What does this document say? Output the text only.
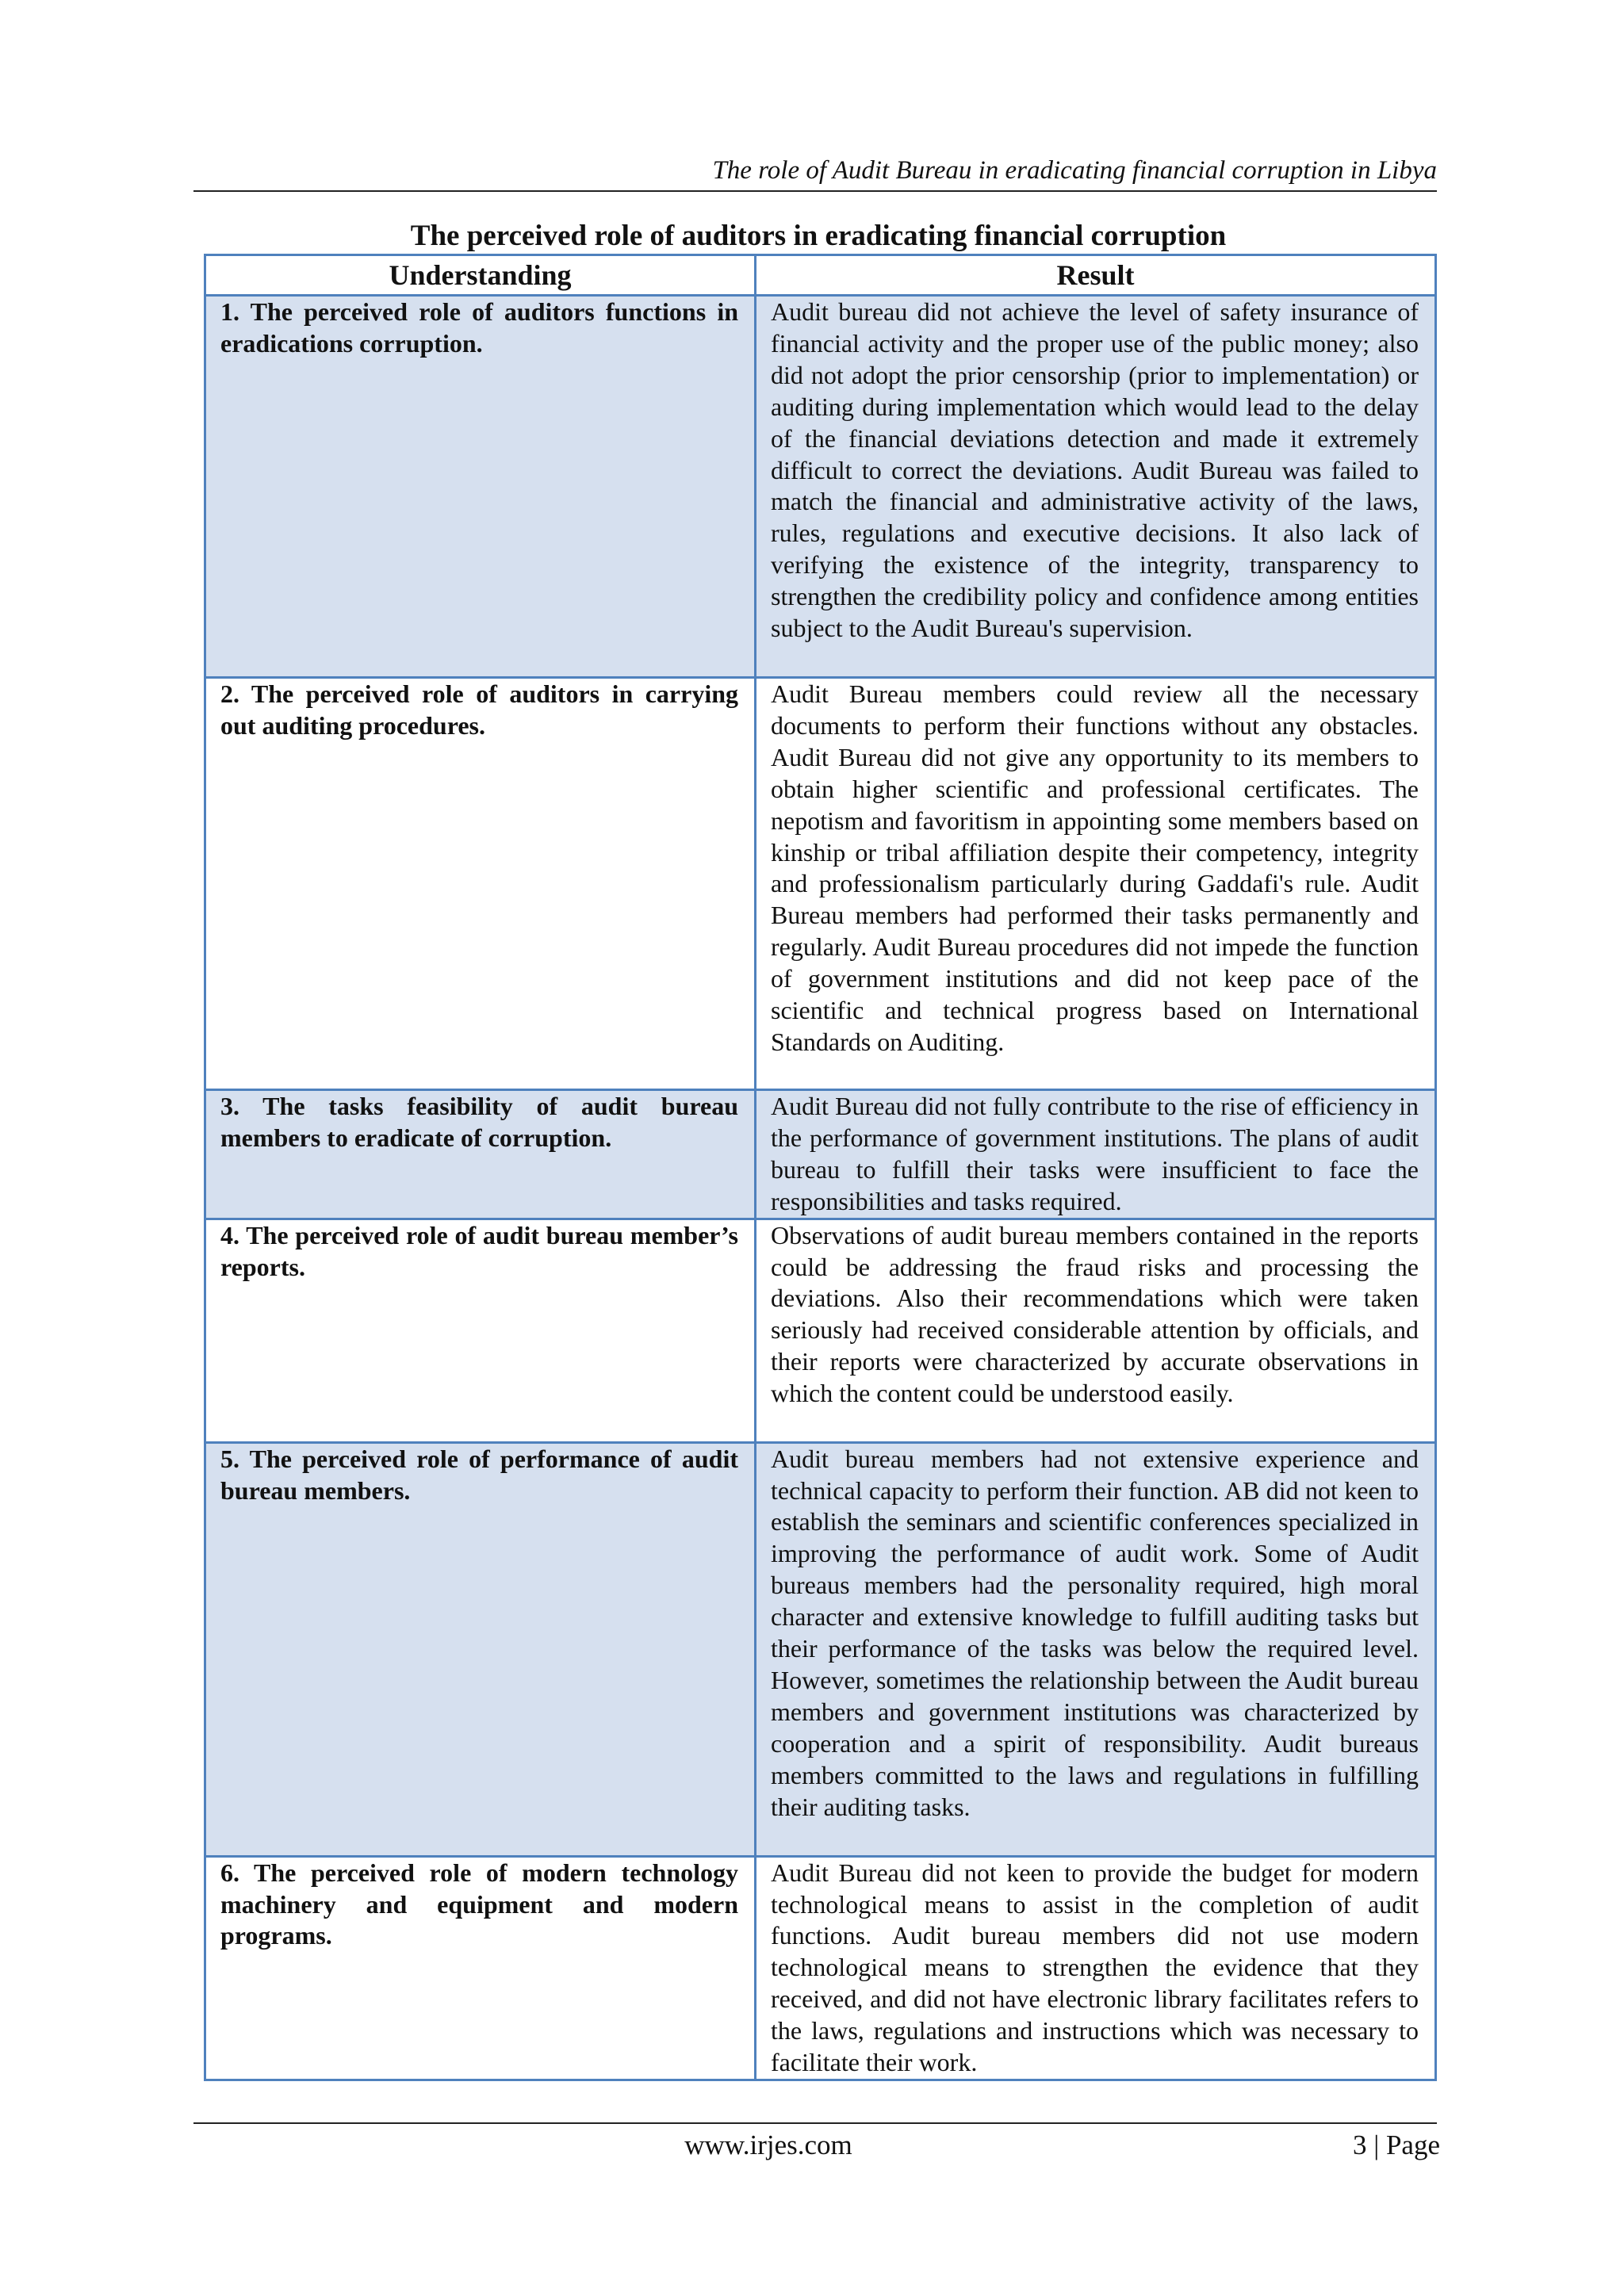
The role of Audit Bureau in eradicating financial corruption in Libya
The perceived role of auditors in eradicating financial corruption
Understanding	Result
1. The perceived role of auditors functions in eradications corruption.	Audit bureau did not achieve the level of safety insurance of financial activity and the proper use of the public money; also did not adopt the prior censorship (prior to implementation) or auditing during implementation which would lead to the delay of the financial deviations detection and made it extremely difficult to correct the deviations. Audit Bureau was failed to match the financial and administrative activity of the laws, rules, regulations and executive decisions. It also lack of verifying the existence of the integrity, transparency to strengthen the credibility policy and confidence among entities subject to the Audit Bureau's supervision.
2. The perceived role of auditors in carrying out auditing procedures.	Audit Bureau members could review all the necessary documents to perform their functions without any obstacles. Audit Bureau did not give any opportunity to its members to obtain higher scientific and professional certificates. The nepotism and favoritism in appointing some members based on kinship or tribal affiliation despite their competency, integrity and professionalism particularly during Gaddafi's rule. Audit Bureau members had performed their tasks permanently and regularly. Audit Bureau procedures did not impede the function of government institutions and did not keep pace of the scientific and technical progress based on International Standards on Auditing.
3. The tasks feasibility of audit bureau members to eradicate of corruption.	Audit Bureau did not fully contribute to the rise of efficiency in the performance of government institutions. The plans of audit bureau to fulfill their tasks were insufficient to face the responsibilities and tasks required.
4. The perceived role of audit bureau member’s reports.	Observations of audit bureau members contained in the reports could be addressing the fraud risks and processing the deviations. Also their recommendations which were taken seriously had received considerable attention by officials, and their reports were characterized by accurate observations in which the content could be understood easily.
5. The perceived role of performance of audit bureau members.	Audit bureau members had not extensive experience and technical capacity to perform their function. AB did not keen to establish the seminars and scientific conferences specialized in improving the performance of audit work. Some of Audit bureaus members had the personality required, high moral character and extensive knowledge to fulfill auditing tasks but their performance of the tasks was below the required level. However, sometimes the relationship between the Audit bureau members and government institutions was characterized by cooperation and a spirit of responsibility. Audit bureaus members committed to the laws and regulations in fulfilling their auditing tasks.
6. The perceived role of modern technology machinery and equipment and modern programs.	Audit Bureau did not keen to provide the budget for modern technological means to assist in the completion of audit functions. Audit bureau members did not use modern technological means to strengthen the evidence that they received, and did not have electronic library facilitates refers to the laws, regulations and instructions which was necessary to facilitate their work.
www.irjes.com	3 | Page
